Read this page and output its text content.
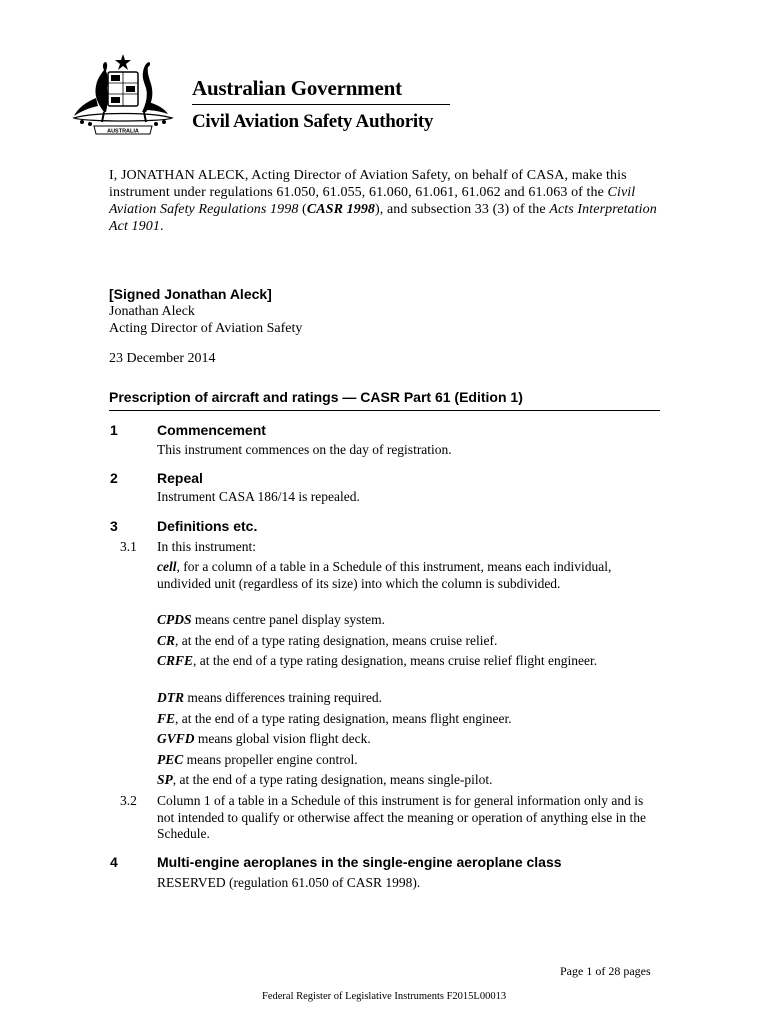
AUSTRALIA
Australian Government
Civil Aviation Safety Authority
I, JONATHAN ALECK, Acting Director of Aviation Safety, on behalf of CASA, make this instrument under regulations 61.050, 61.055, 61.060, 61.061, 61.062 and 61.063 of the Civil Aviation Safety Regulations 1998 (CASR 1998), and subsection 33 (3) of the Acts Interpretation Act 1901.
[Signed Jonathan Aleck]
Jonathan Aleck
Acting Director of Aviation Safety
23 December 2014
Prescription of aircraft and ratings — CASR Part 61 (Edition 1)
1	Commencement
This instrument commences on the day of registration.
2	Repeal
Instrument CASA 186/14 is repealed.
3	Definitions etc.
3.1 In this instrument:
cell, for a column of a table in a Schedule of this instrument, means each individual, undivided unit (regardless of its size) into which the column is subdivided.
CPDS means centre panel display system.
CR, at the end of a type rating designation, means cruise relief.
CRFE, at the end of a type rating designation, means cruise relief flight engineer.
DTR means differences training required.
FE, at the end of a type rating designation, means flight engineer.
GVFD means global vision flight deck.
PEC means propeller engine control.
SP, at the end of a type rating designation, means single-pilot.
3.2 Column 1 of a table in a Schedule of this instrument is for general information only and is not intended to qualify or otherwise affect the meaning or operation of anything else in the Schedule.
4	Multi-engine aeroplanes in the single-engine aeroplane class
RESERVED (regulation 61.050 of CASR 1998).
Page 1 of 28 pages
Federal Register of Legislative Instruments F2015L00013
